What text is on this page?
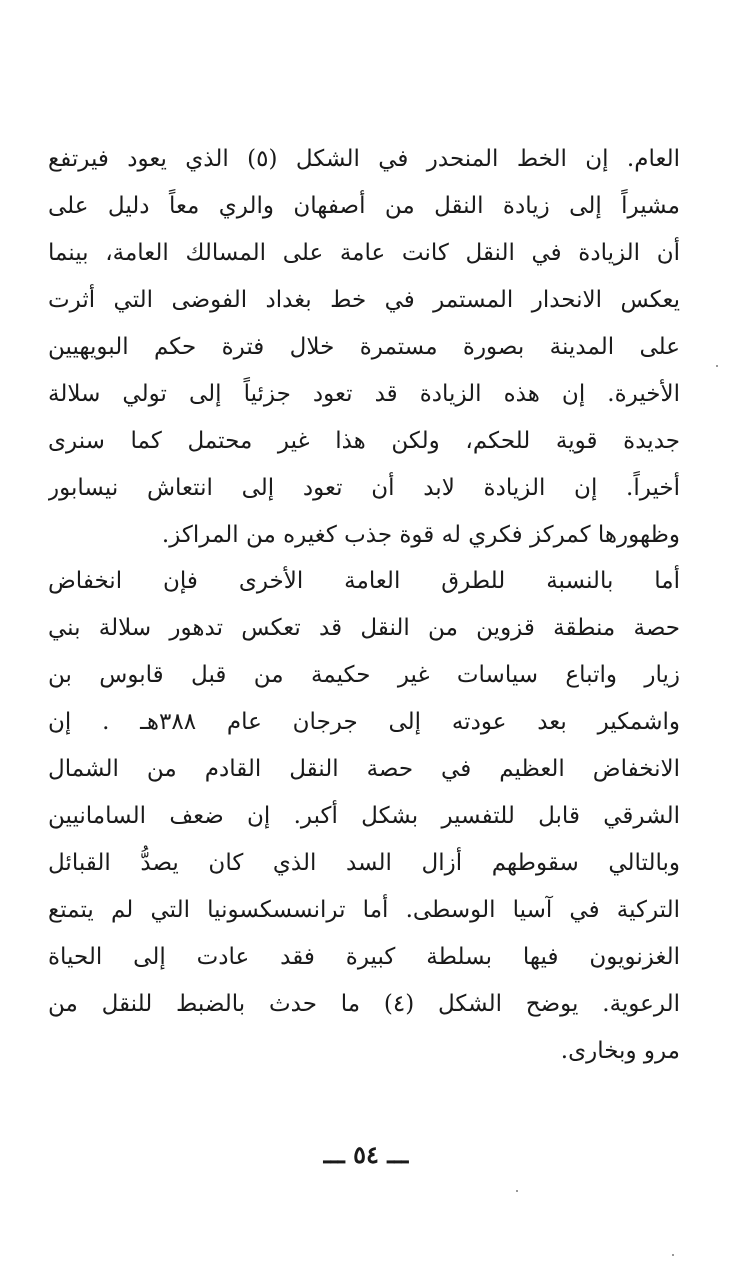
العام. إن الخط المنحدر في الشكل (٥) الذي يعود فيرتفع
مشيراً إلى زيادة النقل من أصفهان والري معاً دليل على
أن الزيادة في النقل كانت عامة على المسالك العامة، بينما
يعكس الانحدار المستمر في خط بغداد الفوضى التي أثرت
على المدينة بصورة مستمرة خلال فترة حكم البويهيين
الأخيرة. إن هذه الزيادة قد تعود جزئياً إلى تولي سلالة
جديدة قوية للحكم، ولكن هذا غير محتمل كما سنرى
أخيراً. إن الزيادة لابد أن تعود إلى انتعاش نيسابور
وظهورها كمركز فكري له قوة جذب كغيره من المراكز.
أما بالنسبة للطرق العامة الأخرى فإن انخفاض
حصة منطقة قزوين من النقل قد تعكس تدهور سلالة بني
زيار واتباع سياسات غير حكيمة من قبل قابوس بن
واشمكير بعد عودته إلى جرجان عام ٣٨٨هـ . إن
الانخفاض العظيم في حصة النقل القادم من الشمال
الشرقي قابل للتفسير بشكل أكبر. إن ضعف السامانيين
وبالتالي سقوطهم أزال السد الذي كان يصدُّ القبائل
التركية في آسيا الوسطى. أما ترانسسكسونيا التي لم يتمتع
الغزنويون فيها بسلطة كبيرة فقد عادت إلى الحياة
الرعوية. يوضح الشكل (٤) ما حدث بالضبط للنقل من
مرو وبخارى.
ـــ ٥٤ ـــ
